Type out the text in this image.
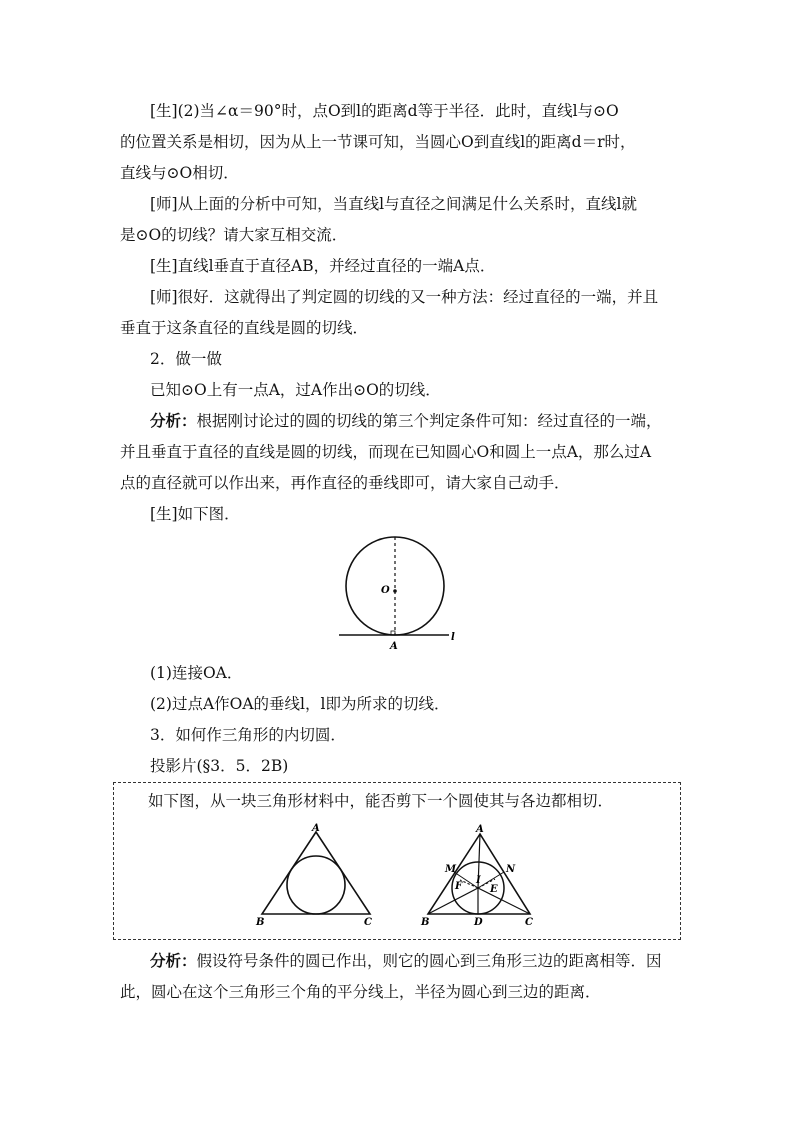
[生](2)当∠α＝90°时，点O到l的距离d等于半径．此时，直线l与⊙O
的位置关系是相切，因为从上一节课可知，当圆心O到直线l的距离d＝r时，
直线与⊙O相切．
[师]从上面的分析中可知，当直线l与直径之间满足什么关系时，直线l就
是⊙O的切线？请大家互相交流．
[生]直线l垂直于直径AB，并经过直径的一端A点．
[师]很好．这就得出了判定圆的切线的又一种方法：经过直径的一端，并且
垂直于这条直径的直线是圆的切线．
2．做一做
已知⊙O上有一点A，过A作出⊙O的切线．
分析：根据刚讨论过的圆的切线的第三个判定条件可知：经过直径的一端，
并且垂直于直径的直线是圆的切线，而现在已知圆心O和圆上一点A，那么过A
点的直径就可以作出来，再作直径的垂线即可，请大家自己动手．
[生]如下图．
O
A
l
(1)连接OA．
(2)过点A作OA的垂线l，l即为所求的切线．
3．如何作三角形的内切圆．
投影片(§3．5．2B)
如下图，从一块三角形材料中，能否剪下一个圆使其与各边都相切．
A
B	C
A
B	C
D
E
F
I
M	N
分析：假设符号条件的圆已作出，则它的圆心到三角形三边的距离相等．因
此，圆心在这个三角形三个角的平分线上，半径为圆心到三边的距离．
